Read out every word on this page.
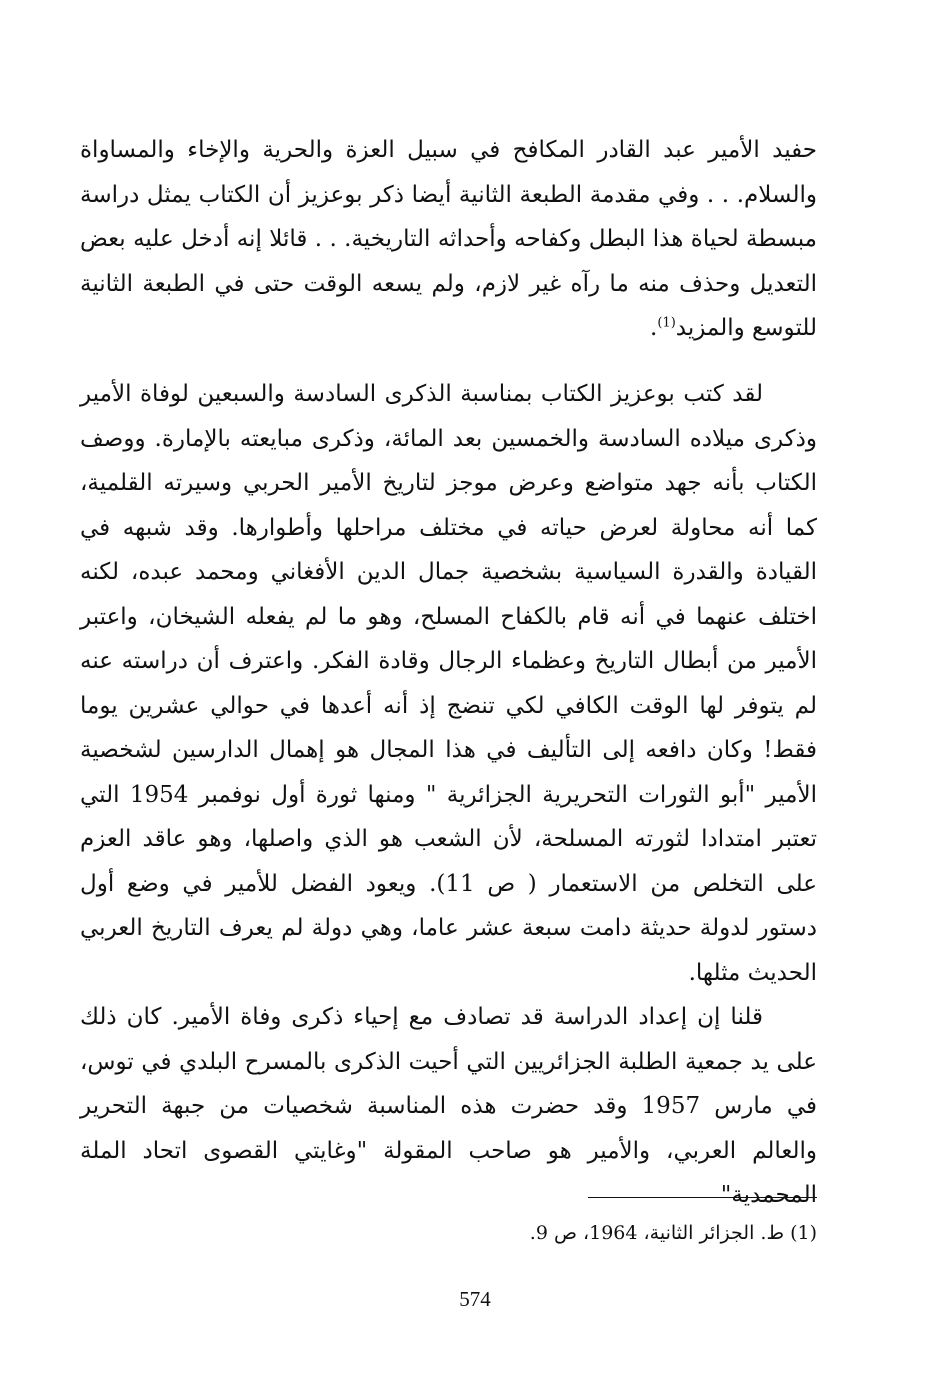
حفيد الأمير عبد القادر المكافح في سبيل العزة والحرية والإخاء والمساواة والسلام. . . وفي مقدمة الطبعة الثانية أيضا ذكر بوعزيز أن الكتاب يمثل دراسة مبسطة لحياة هذا البطل وكفاحه وأحداثه التاريخية. . . قائلا إنه أدخل عليه بعض التعديل وحذف منه ما رآه غير لازم، ولم يسعه الوقت حتى في الطبعة الثانية للتوسع والمزيد$^{(1)}$.

لقد كتب بوعزيز الكتاب بمناسبة الذكرى السادسة والسبعين لوفاة الأمير وذكرى ميلاده السادسة والخمسين بعد المائة، وذكرى مبايعته بالإمارة. ووصف الكتاب بأنه جهد متواضع وعرض موجز لتاريخ الأمير الحربي وسيرته القلمية، كما أنه محاولة لعرض حياته في مختلف مراحلها وأطوارها. وقد شبهه في القيادة والقدرة السياسية بشخصية جمال الدين الأفغاني ومحمد عبده، لكنه اختلف عنهما في أنه قام بالكفاح المسلح، وهو ما لم يفعله الشيخان، واعتبر الأمير من أبطال التاريخ وعظماء الرجال وقادة الفكر. واعترف أن دراسته عنه لم يتوفر لها الوقت الكافي لكي تنضج إذ أنه أعدها في حوالي عشرين يوما فقط! وكان دافعه إلى التأليف في هذا المجال هو إهمال الدارسين لشخصية الأمير "أبو الثورات التحريرية الجزائرية " ومنها ثورة أول نوفمبر 1954 التي تعتبر امتدادا لثورته المسلحة، لأن الشعب هو الذي واصلها، وهو عاقد العزم على التخلص من الاستعمار ( ص 11). ويعود الفضل للأمير في وضع أول دستور لدولة حديثة دامت سبعة عشر عاما، وهي دولة لم يعرف التاريخ العربي الحديث مثلها.

قلنا إن إعداد الدراسة قد تصادف مع إحياء ذكرى وفاة الأمير. كان ذلك على يد جمعية الطلبة الجزائريين التي أحيت الذكرى بالمسرح البلدي في توس، في مارس 1957 وقد حضرت هذه المناسبة شخصيات من جبهة التحرير والعالم العربي، والأمير هو صاحب المقولة "وغايتي القصوى اتحاد الملة المحمدية"

(1) ط. الجزائر الثانية، 1964، ص 9.
574
